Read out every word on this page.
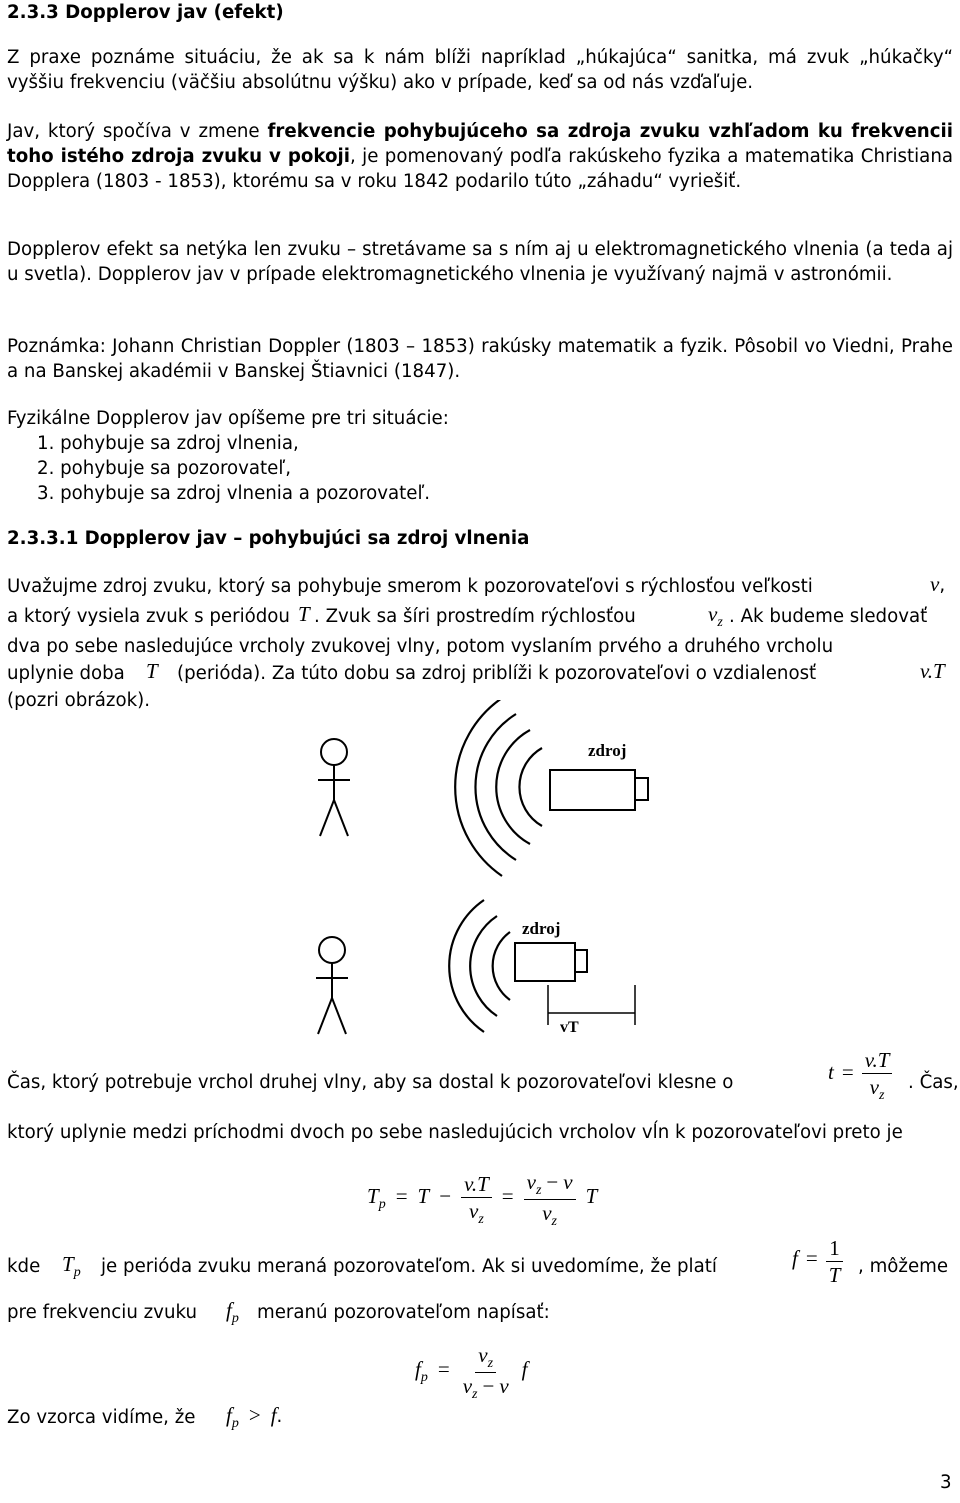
2.3.3 Dopplerov jav (efekt)

Z praxe poznáme situáciu, že ak sa k nám blíži napríklad „húkajúca“ sanitka, má zvuk „húkačky“ vyššiu frekvenciu (väčšiu absolútnu výšku) ako v prípade, keď sa od nás vzďaľuje.

Jav, ktorý spočíva v zmene frekvencie pohybujúceho sa zdroja zvuku vzhľadom ku frekvencii toho istého zdroja zvuku v pokoji, je pomenovaný podľa rakúskeho fyzika a matematika Christiana Dopplera (1803 - 1853), ktorému sa v roku 1842 podarilo túto „záhadu“ vyriešiť.

Dopplerov efekt sa netýka len zvuku – stretávame sa s ním aj u elektromagnetického vlnenia (a teda aj u svetla). Dopplerov jav v prípade elektromagnetického vlnenia je využívaný najmä v astronómii.

Poznámka: Johann Christian Doppler (1803 – 1853) rakúsky matematik a fyzik. Pôsobil vo Viedni, Prahe a na Banskej akadémii v Banskej Štiavnici (1847).

Fyzikálne Dopplerov jav opíšeme pre tri situácie:
1. pohybuje sa zdroj vlnenia,
2. pohybuje sa pozorovateľ,
3. pohybuje sa zdroj vlnenia a pozorovateľ.
2.3.3.1 Dopplerov jav – pohybujúci sa zdroj vlnenia
Uvažujme zdroj zvuku, ktorý sa pohybuje smerom k pozorovateľovi s rýchlosťou veľkosti	v,
a ktorý vysiela zvuk s periódou T . Zvuk sa šíri prostredím rýchlosťou	vz . Ak budeme sledovať
dva po sebe nasledujúce vrcholy zvukovej vlny, potom vyslaním prvého a druhého vrcholu
uplynie doba T (perióda). Za túto dobu sa zdroj priblíži k pozorovateľovi o vzdialenosť	v.T
(pozri obrázok).
zdroj
zdroj
vT
Čas, ktorý potrebuje vrchol druhej vlny, aby sa dostal k pozorovateľovi klesne o	$t = \frac{v.T}{vz}$ . Čas,

ktorý uplynie medzi príchodmi dvoch po sebe nasledujúcich vrcholov vĺn k pozorovateľovi preto je

$Tp = T - \frac{v.T}{vz} = \frac{vz - v}{vz}$ T
kde Tp je perióda zvuku meraná pozorovateľom. Ak si uvedomíme, že platí	$f = \frac{1}{T}$ , môžeme
pre frekvenciu zvuku fp meranú pozorovateľom napísať:
fp = $\frac{vz}{vz - v}$ f
Zo vzorca vidíme, že fp > f.
3
